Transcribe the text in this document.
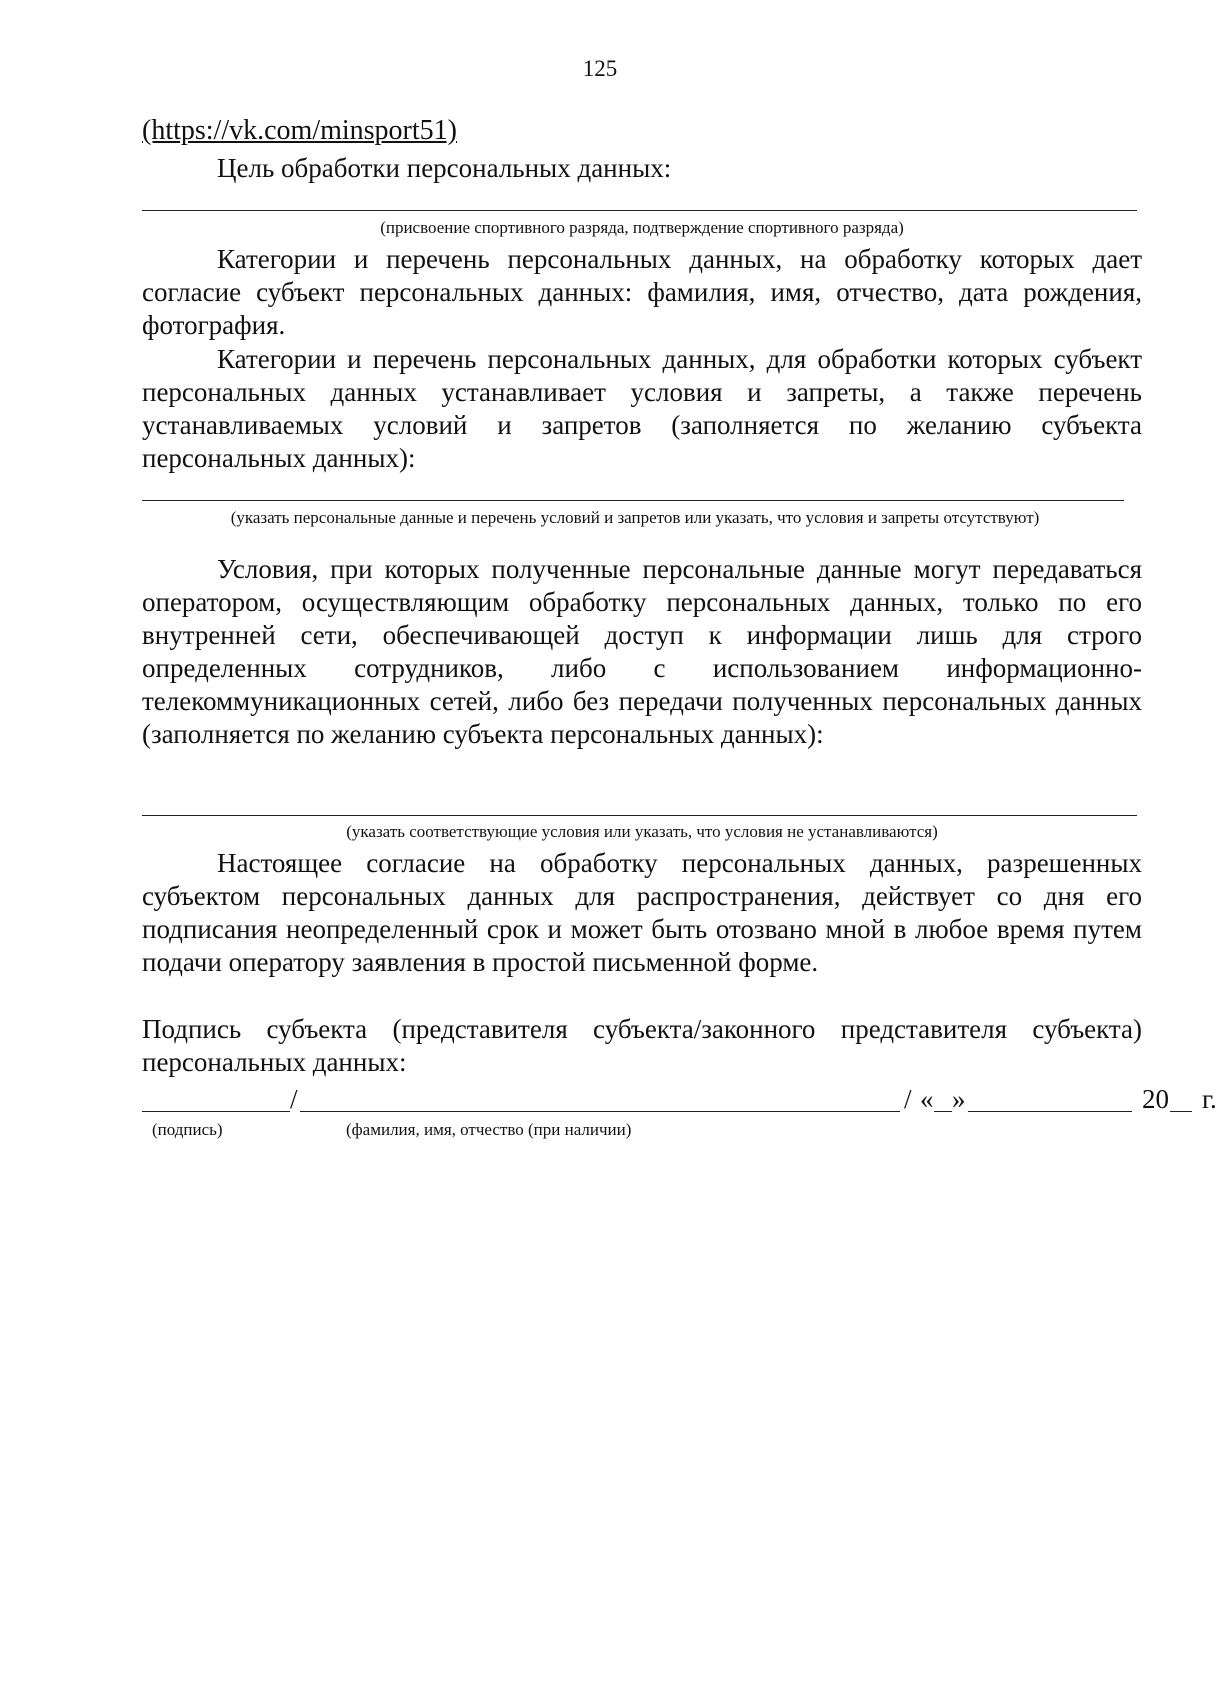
125
(https://vk.com/minsport51)
Цель обработки персональных данных:
(присвоение спортивного разряда, подтверждение спортивного разряда)

Категории и перечень персональных данных, на обработку которых дает согласие субъект персональных данных: фамилия, имя, отчество, дата рождения, фотография.

Категории и перечень персональных данных, для обработки которых субъект персональных данных устанавливает условия и запреты, а также перечень устанавливаемых условий и запретов (заполняется по желанию субъекта персональных данных):

(указать персональные данные и перечень условий и запретов или указать, что условия и запреты отсутствуют)

Условия, при которых полученные персональные данные могут передаваться оператором, осуществляющим обработку персональных данных, только по его внутренней сети, обеспечивающей доступ к информации лишь для строго определенных сотрудников, либо с использованием информационно-телекоммуникационных сетей, либо без передачи полученных персональных данных (заполняется по желанию субъекта персональных данных):

(указать соответствующие условия или указать, что условия не устанавливаются)

Настоящее согласие на обработку персональных данных, разрешенных субъектом персональных данных для распространения, действует со дня его подписания неопределенный срок и может быть отозвано мной в любое время путем подачи оператору заявления в простой письменной форме.

Подпись субъекта (представителя субъекта/законного представителя субъекта) персональных данных:

/	/ « »	20 г.
(подпись)	(фамилия, имя, отчество (при наличии)
